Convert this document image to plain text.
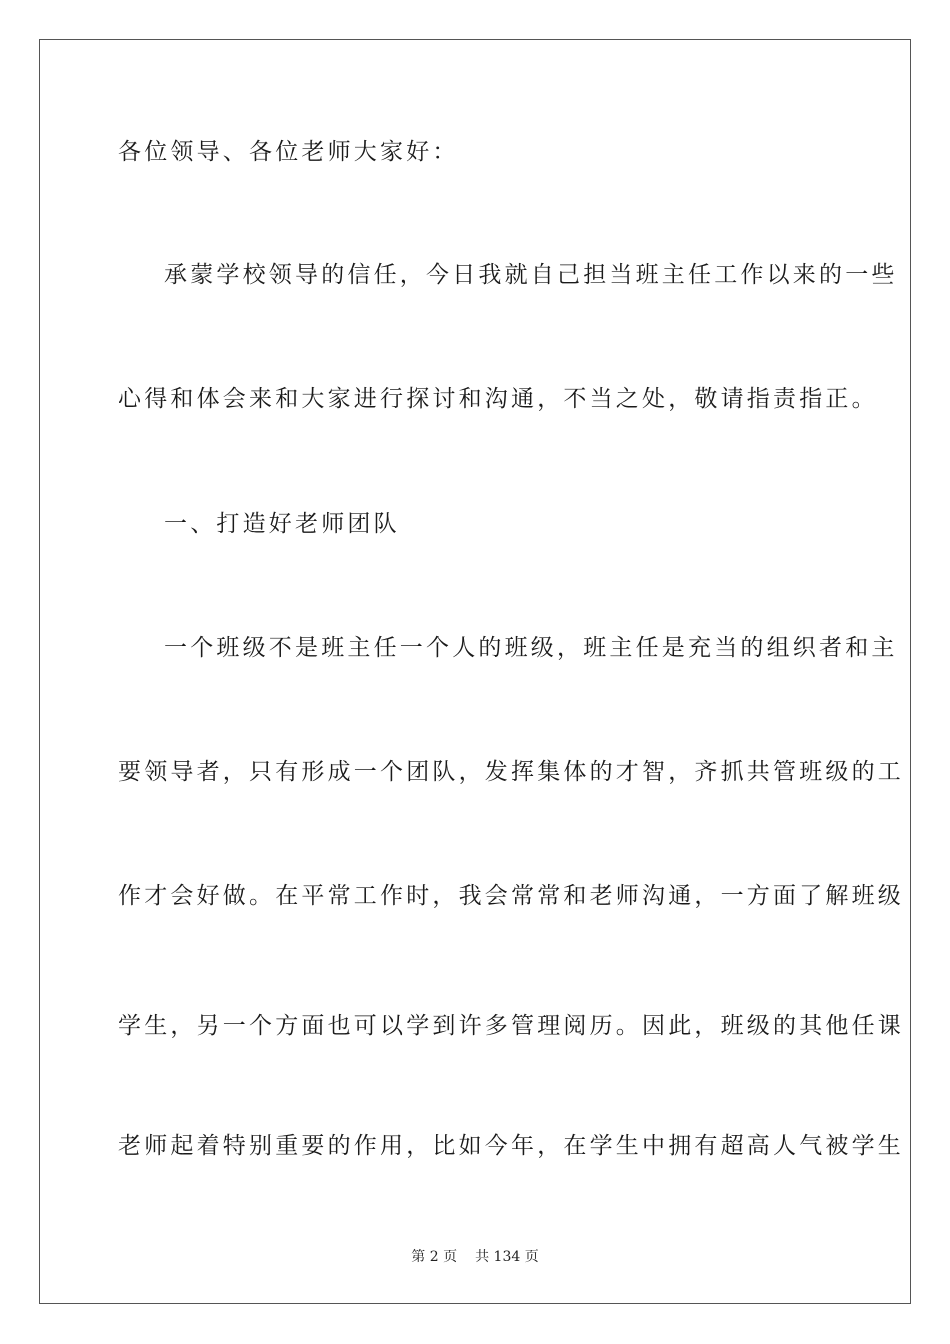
各位领导、各位老师大家好：
承蒙学校领导的信任，今日我就自己担当班主任工作以来的一些
心得和体会来和大家进行探讨和沟通，不当之处，敬请指责指正。
一、打造好老师团队
一个班级不是班主任一个人的班级，班主任是充当的组织者和主
要领导者，只有形成一个团队，发挥集体的才智，齐抓共管班级的工
作才会好做。在平常工作时，我会常常和老师沟通，一方面了解班级
学生，另一个方面也可以学到许多管理阅历。因此，班级的其他任课
老师起着特别重要的作用，比如今年，在学生中拥有超高人气被学生
第 2 页 共 134 页
